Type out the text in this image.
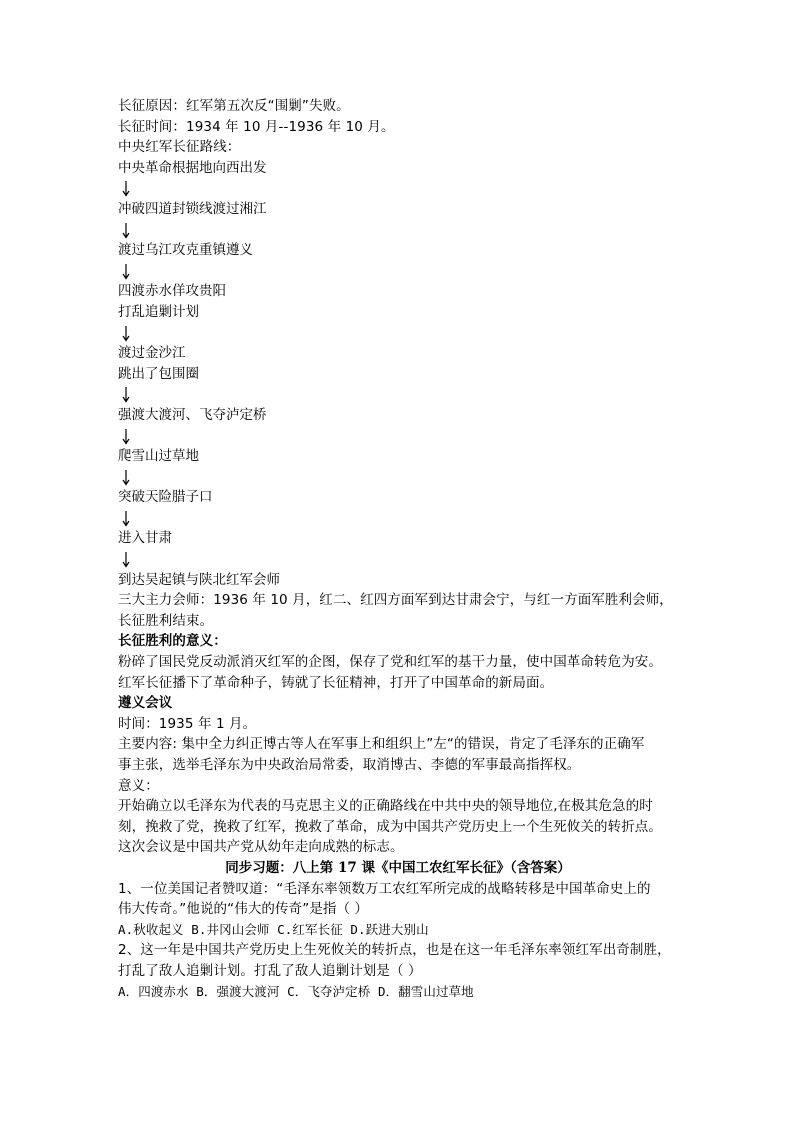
长征原因：红军第五次反“围剿”失败。
长征时间：1934 年 10 月--1936 年 10 月。
中央红军长征路线：
中央革命根据地向西出发
冲破四道封锁线渡过湘江
渡过乌江攻克重镇遵义
四渡赤水佯攻贵阳
打乱追剿计划
渡过金沙江
跳出了包围圈
强渡大渡河、飞夺泸定桥
爬雪山过草地
突破天险腊子口
进入甘肃
到达吴起镇与陕北红军会师
三大主力会师：1936 年 10 月，红二、红四方面军到达甘肃会宁，与红一方面军胜利会师，
长征胜利结束。
长征胜利的意义：
粉碎了国民党反动派消灭红军的企图，保存了党和红军的基干力量，使中国革命转危为安。
红军长征播下了革命种子，铸就了长征精神，打开了中国革命的新局面。
遵义会议
时间：1935 年 1 月。
主要内容: 集中全力纠正博古等人在军事上和组织上”左“的错误，肯定了毛泽东的正确军
事主张，选举毛泽东为中央政治局常委，取消博古、李德的军事最高指挥权。
意义：
开始确立以毛泽东为代表的马克思主义的正确路线在中共中央的领导地位,在极其危急的时
刻，挽救了党，挽救了红军，挽救了革命，成为中国共产党历史上一个生死攸关的转折点。
这次会议是中国共产党从幼年走向成熟的标志。
同步习题：八上第 17 课《中国工农红军长征》（含答案）
1、一位美国记者赞叹道：“毛泽东率领数万工农红军所完成的战略转移是中国革命史上的
伟大传奇。”他说的“伟大的传奇”是指（ ）
A.秋收起义 B.井冈山会师 C.红军长征 D.跃进大别山
2、这一年是中国共产党历史上生死攸关的转折点，也是在这一年毛泽东率领红军出奇制胜，
打乱了敌人追剿计划。打乱了敌人追剿计划是（ ）
A．四渡赤水 B．强渡大渡河 C．飞夺泸定桥 D．翻雪山过草地
